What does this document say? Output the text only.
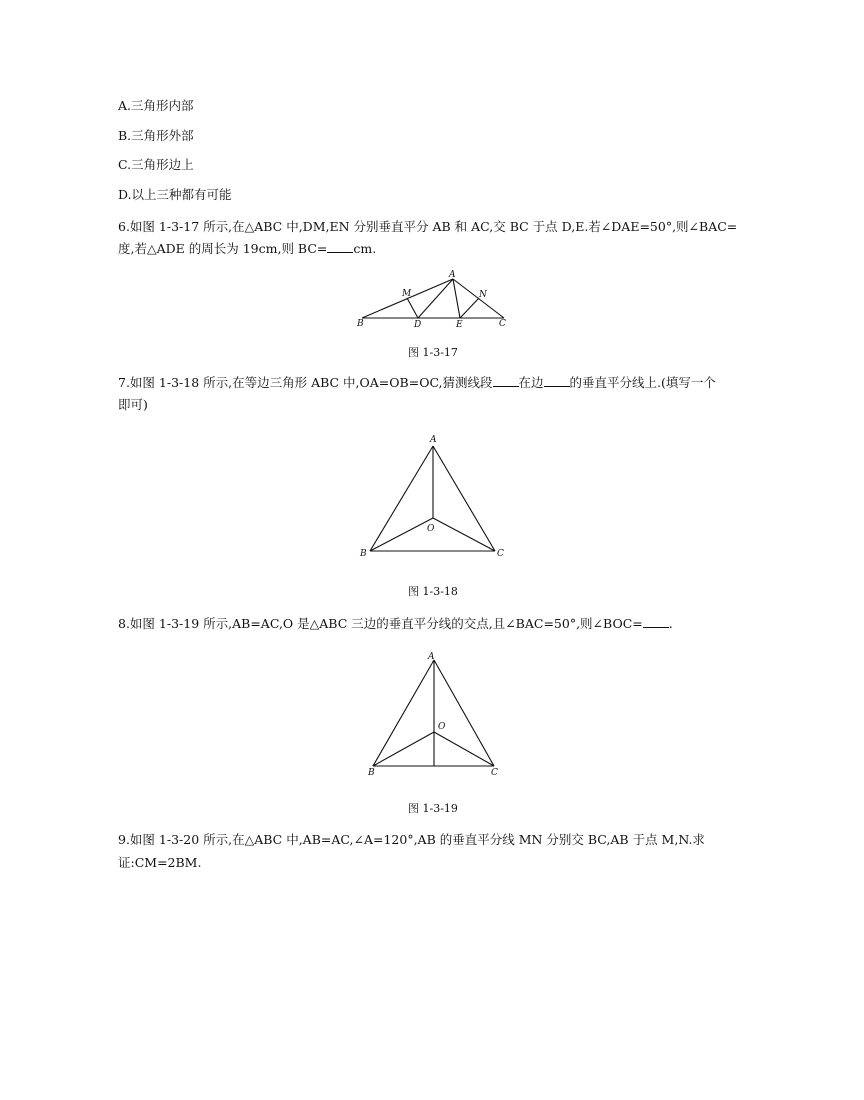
A.三角形内部
B.三角形外部
C.三角形边上
D.以上三种都有可能
6.如图 1-3-17 所示,在△ABC 中,DM,EN 分别垂直平分 AB 和 AC,交 BC 于点 D,E.若∠DAE=50°,则∠BAC=
度,若△ADE 的周长为 19cm,则 BC= cm.
A
M	N
B	D	E	C
图 1-3-17
7.如图 1-3-18 所示,在等边三角形 ABC 中,OA=OB=OC,猜测线段 在边 的垂直平分线上.(填写一个
即可)
A
O
B	C
图 1-3-18
8.如图 1-3-19 所示,AB=AC,O 是△ABC 三边的垂直平分线的交点,且∠BAC=50°,则∠BOC= .
A
O
B	C
图 1-3-19
9.如图 1-3-20 所示,在△ABC 中,AB=AC,∠A=120°,AB 的垂直平分线 MN 分别交 BC,AB 于点 M,N.求
证:CM=2BM.
